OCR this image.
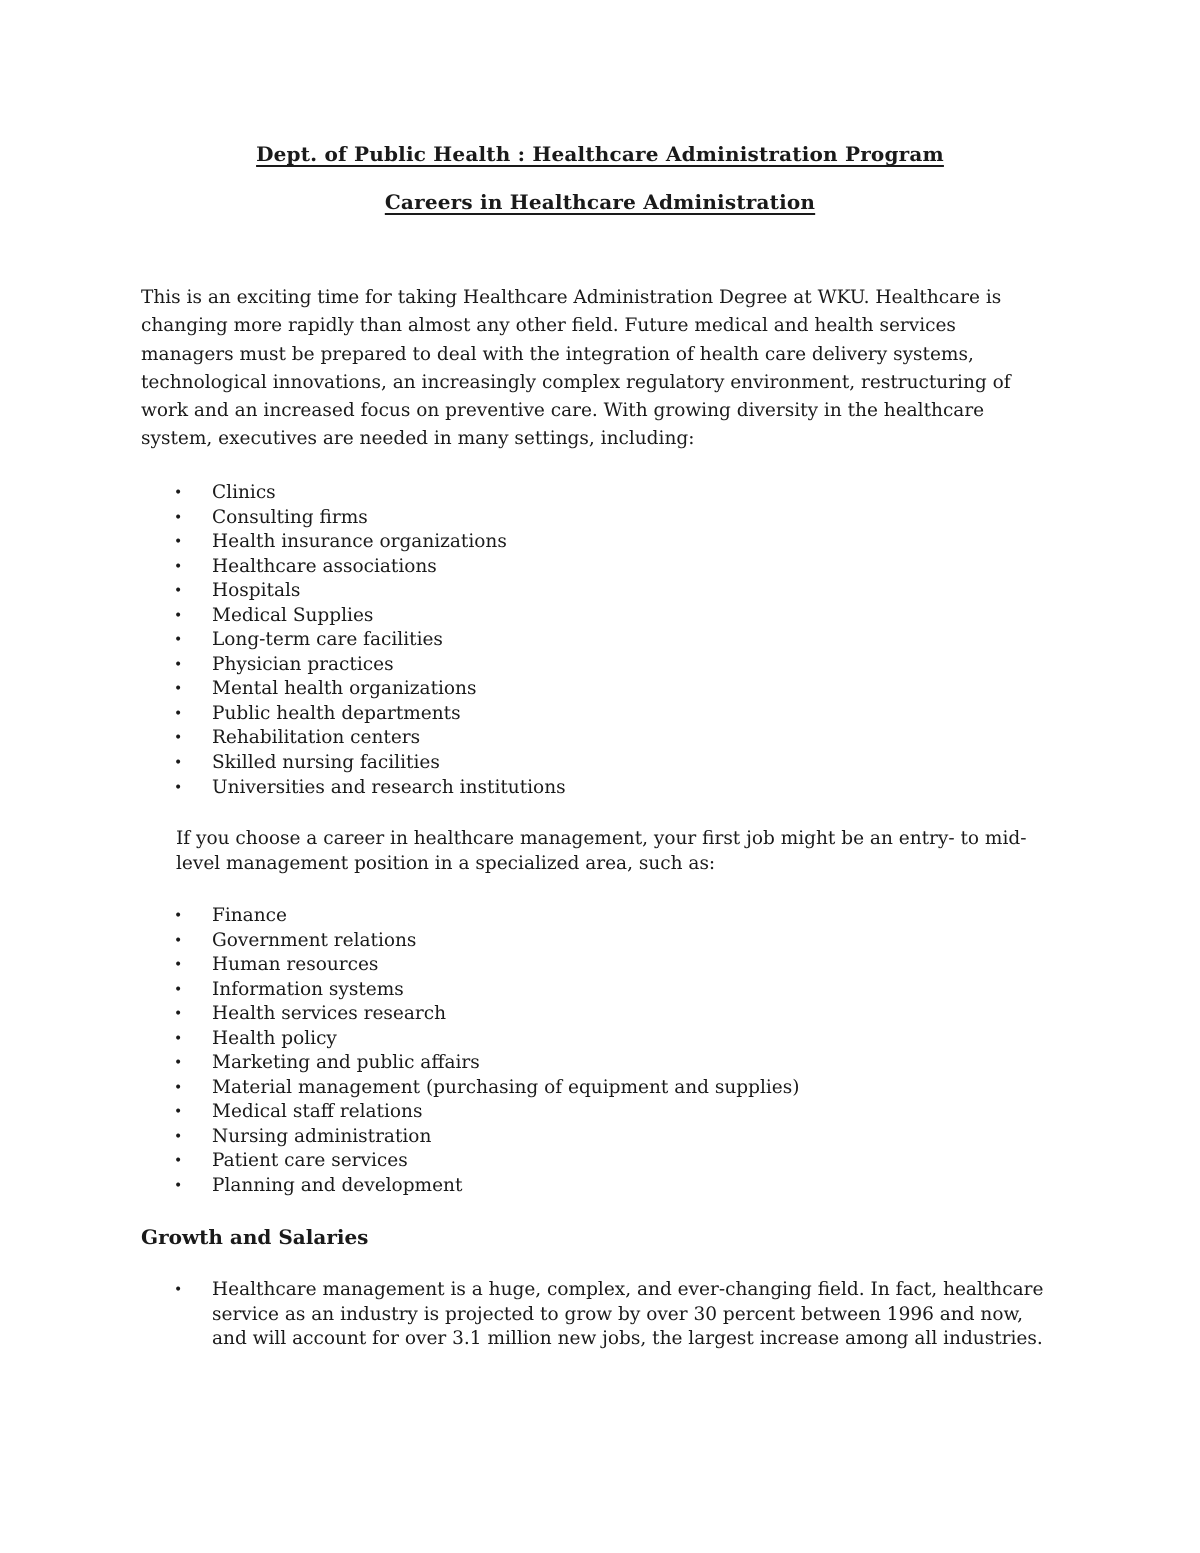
Dept. of Public Health : Healthcare Administration Program
Careers in Healthcare Administration

This is an exciting time for taking Healthcare Administration Degree at WKU. Healthcare is
changing more rapidly than almost any other field. Future medical and health services
managers must be prepared to deal with the integration of health care delivery systems,
technological innovations, an increasingly complex regulatory environment, restructuring of
work and an increased focus on preventive care. With growing diversity in the healthcare
system, executives are needed in many settings, including:

• Clinics
• Consulting firms
• Health insurance organizations
• Healthcare associations
• Hospitals
• Medical Supplies
• Long-term care facilities
• Physician practices
• Mental health organizations
• Public health departments
• Rehabilitation centers
• Skilled nursing facilities
• Universities and research institutions

If you choose a career in healthcare management, your first job might be an entry- to mid-
level management position in a specialized area, such as:

• Finance
• Government relations
• Human resources
• Information systems
• Health services research
• Health policy
• Marketing and public affairs
• Material management (purchasing of equipment and supplies)
• Medical staff relations
• Nursing administration
• Patient care services
• Planning and development
Growth and Salaries
• Healthcare management is a huge, complex, and ever-changing field. In fact, healthcare
service as an industry is projected to grow by over 30 percent between 1996 and now,
and will account for over 3.1 million new jobs, the largest increase among all industries.
